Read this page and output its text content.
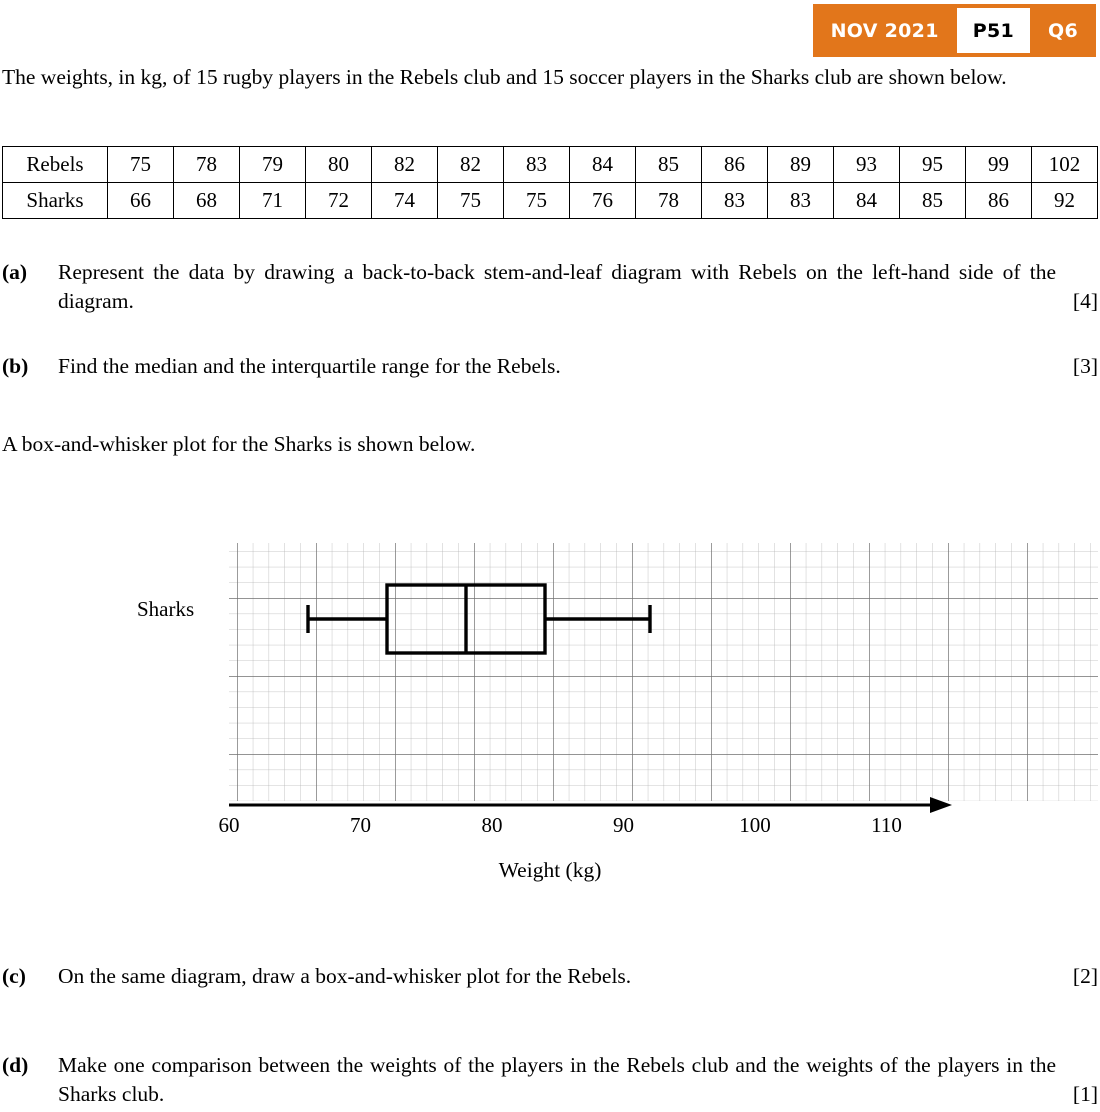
NOV 2021	P51	Q6
The weights, in kg, of 15 rugby players in the Rebels club and 15 soccer players in the Sharks club are shown below.
Rebels	75	78	79	80	82	82	83	84	85	86	89	93	95	99	102
Sharks	66	68	71	72	74	75	75	76	78	83	83	84	85	86	92
(a) Represent the data by drawing a back-to-back stem-and-leaf diagram with Rebels on the left-hand side of the diagram.	[4]
(b) Find the median and the interquartile range for the Rebels.	[3]
A box-and-whisker plot for the Sharks is shown below.
60	70	80	90	100	110
Sharks
Weight (kg)
(c) On the same diagram, draw a box-and-whisker plot for the Rebels.	[2]
(d) Make one comparison between the weights of the players in the Rebels club and the weights of the players in the Sharks club.	[1]
